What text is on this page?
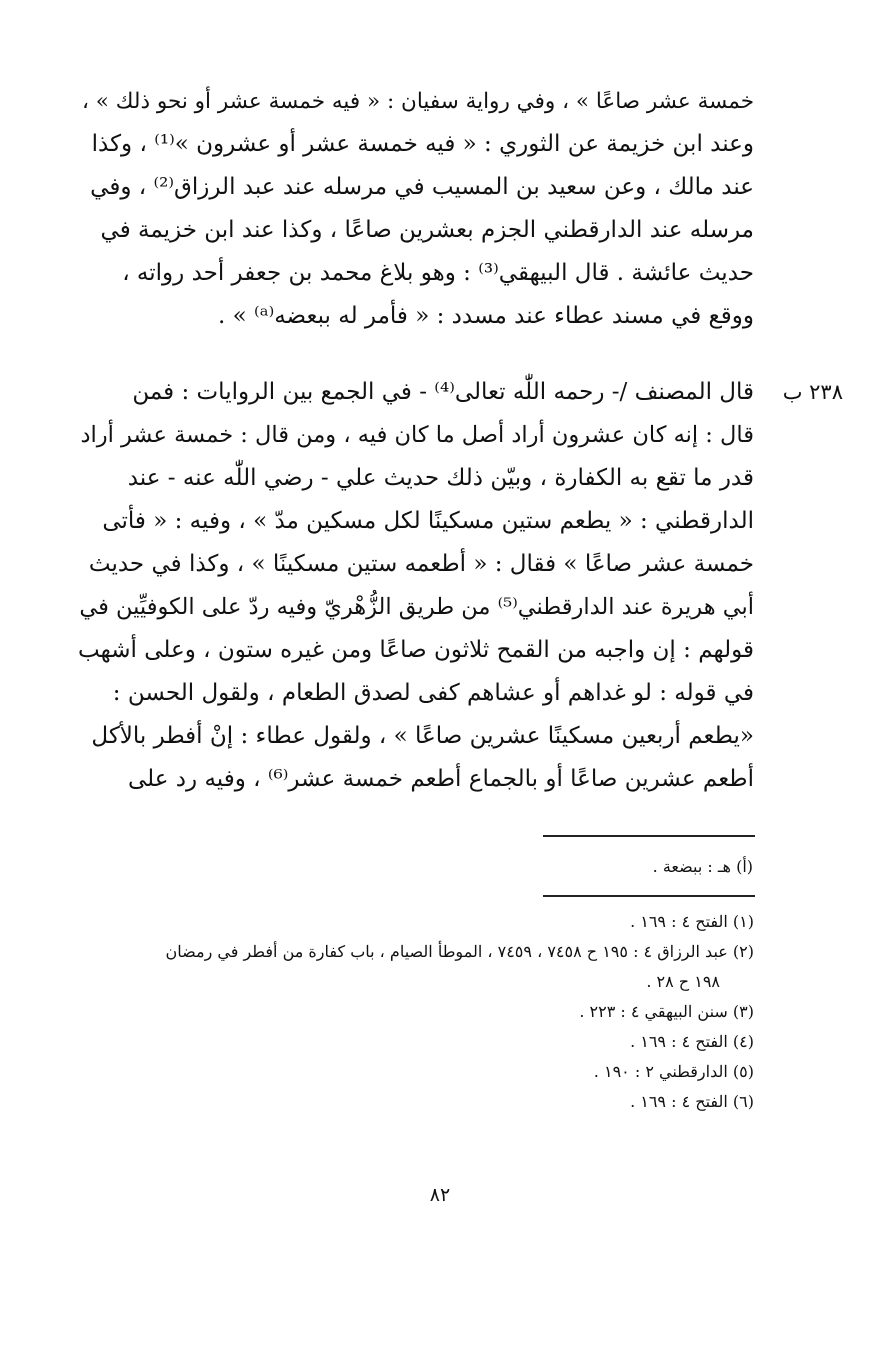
خمسة عشر صاعًا » ، وفي رواية سفيان : « فيه خمسة عشر أو نحو ذلك » ،
وعند ابن خزيمة عن الثوري : « فيه خمسة عشر أو عشرون »⁽¹⁾ ، وكذا
عند مالك ، وعن سعيد بن المسيب في مرسله عند عبد الرزاق⁽²⁾ ، وفي
مرسله عند الدارقطني الجزم بعشرين صاعًا ، وكذا عند ابن خزيمة في
حديث عائشة . قال البيهقي⁽³⁾ : وهو بلاغ محمد بن جعفر أحد رواته ،
ووقع في مسند عطاء عند مسدد : « فأمر له ببعضه⁽ᵃ⁾ » .
٢٣٨ ب
قال المصنف /- رحمه اللّٰه تعالى⁽⁴⁾ - في الجمع بين الروايات : فمن
قال : إنه كان عشرون أراد أصل ما كان فيه ، ومن قال : خمسة عشر أراد
قدر ما تقع به الكفارة ، وبيّن ذلك حديث علي - رضي اللّٰه عنه - عند
الدارقطني : « يطعم ستين مسكينًا لكل مسكين مدّ » ، وفيه : « فأتى
خمسة عشر صاعًا » فقال : « أطعمه ستين مسكينًا » ، وكذا في حديث
أبي هريرة عند الدارقطني⁽⁵⁾ من طريق الزُّهْريّ وفيه ردّ على الكوفيِّين في
قولهم : إن واجبه من القمح ثلاثون صاعًا ومن غيره ستون ، وعلى أشهب
في قوله : لو غداهم أو عشاهم كفى لصدق الطعام ، ولقول الحسن :
«يطعم أربعين مسكينًا عشرين صاعًا » ، ولقول عطاء : إنْ أفطر بالأكل
أطعم عشرين صاعًا أو بالجماع أطعم خمسة عشر⁽⁶⁾ ، وفيه رد على
(أ) هـ : ببضعة .
(١) الفتح ٤ : ١٦٩ .
(٢) عبد الرزاق ٤ : ١٩٥ ح ٧٤٥٨ ، ٧٤٥٩ ، الموطأ الصيام ، باب كفارة من أفطر في رمضان
١٩٨ ح ٢٨ .
(٣) سنن البيهقي ٤ : ٢٢٣ .
(٤) الفتح ٤ : ١٦٩ .
(٥) الدارقطني ٢ : ١٩٠ .
(٦) الفتح ٤ : ١٦٩ .
٨٢
